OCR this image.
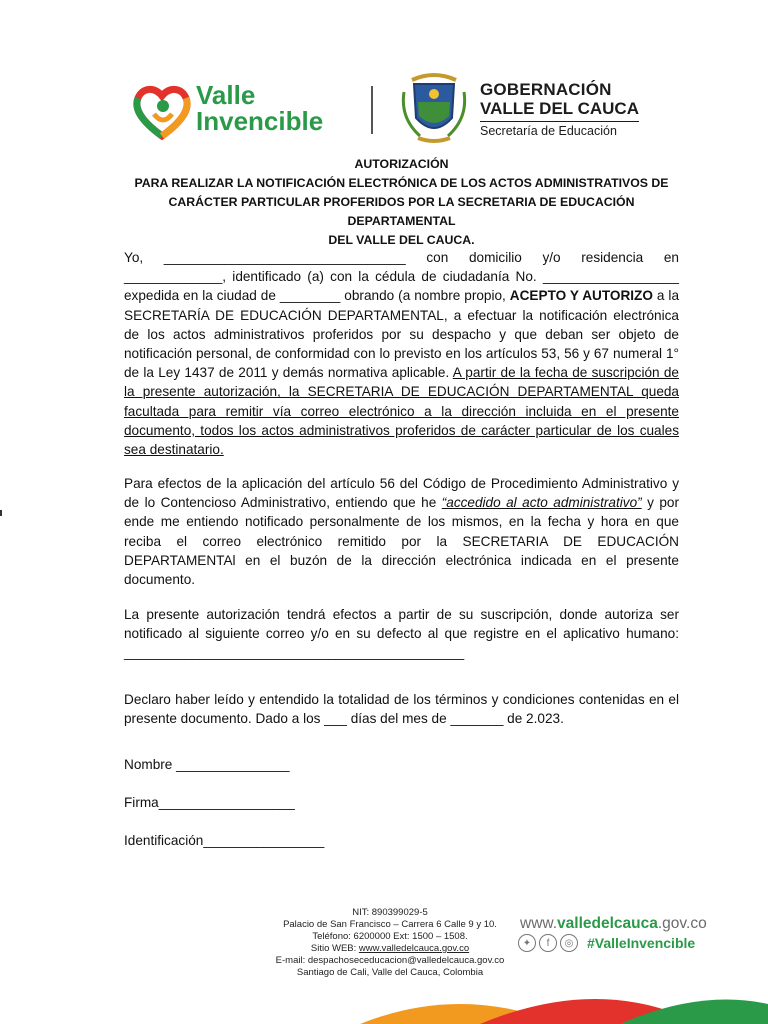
Valle
Invencible
GOBERNACIÓN
VALLE DEL CAUCA
Secretaría de Educación
AUTORIZACIÓN
PARA REALIZAR LA NOTIFICACIÓN ELECTRÓNICA DE LOS ACTOS ADMINISTRATIVOS DE
CARÁCTER PARTICULAR PROFERIDOS POR LA SECRETARIA DE EDUCACIÓN DEPARTAMENTAL
DEL VALLE DEL CAUCA.
Yo, ________________________________ con domicilio y/o residencia en _____________, identificado (a) con la cédula de ciudadanía No. __________________ expedida en la ciudad de ________ obrando (a nombre propio, ACEPTO Y AUTORIZO a la SECRETARÍA DE EDUCACIÓN DEPARTAMENTAL, a efectuar la notificación electrónica de los actos administrativos proferidos por su despacho y que deban ser objeto de notificación personal, de conformidad con lo previsto en los artículos 53, 56 y 67 numeral 1° de la Ley 1437 de 2011 y demás normativa aplicable. A partir de la fecha de suscripción de la presente autorización, la SECRETARIA DE EDUCACIÓN DEPARTAMENTAL queda facultada para remitir vía correo electrónico a la dirección incluida en el presente documento, todos los actos administrativos proferidos de carácter particular de los cuales sea destinatario.
Para efectos de la aplicación del artículo 56 del Código de Procedimiento Administrativo y de lo Contencioso Administrativo, entiendo que he “accedido al acto administrativo” y por ende me entiendo notificado personalmente de los mismos, en la fecha y hora en que reciba el correo electrónico remitido por la SECRETARIA DE EDUCACIÓN DEPARTAMENTAl en el buzón de la dirección electrónica indicada en el presente documento.
La presente autorización tendrá efectos a partir de su suscripción, donde autoriza ser notificado al siguiente correo y/o en su defecto al que registre en el aplicativo humano: _____________________________________________
Declaro haber leído y entendido la totalidad de los términos y condiciones contenidas en el presente documento. Dado a los ___ días del mes de _______ de 2.023.
Nombre _______________
Firma__________________
Identificación________________
NIT: 890399029-5
Palacio de San Francisco – Carrera 6 Calle 9 y 10.
Teléfono: 6200000 Ext: 1500 – 1508.
Sitio WEB: www.valledelcauca.gov.co
E-mail: despachoseceducacion@valledelcauca.gov.co
Santiago de Cali, Valle del Cauca, Colombia
www.valledelcauca.gov.co
✦	f	◎ #ValleInvencible
